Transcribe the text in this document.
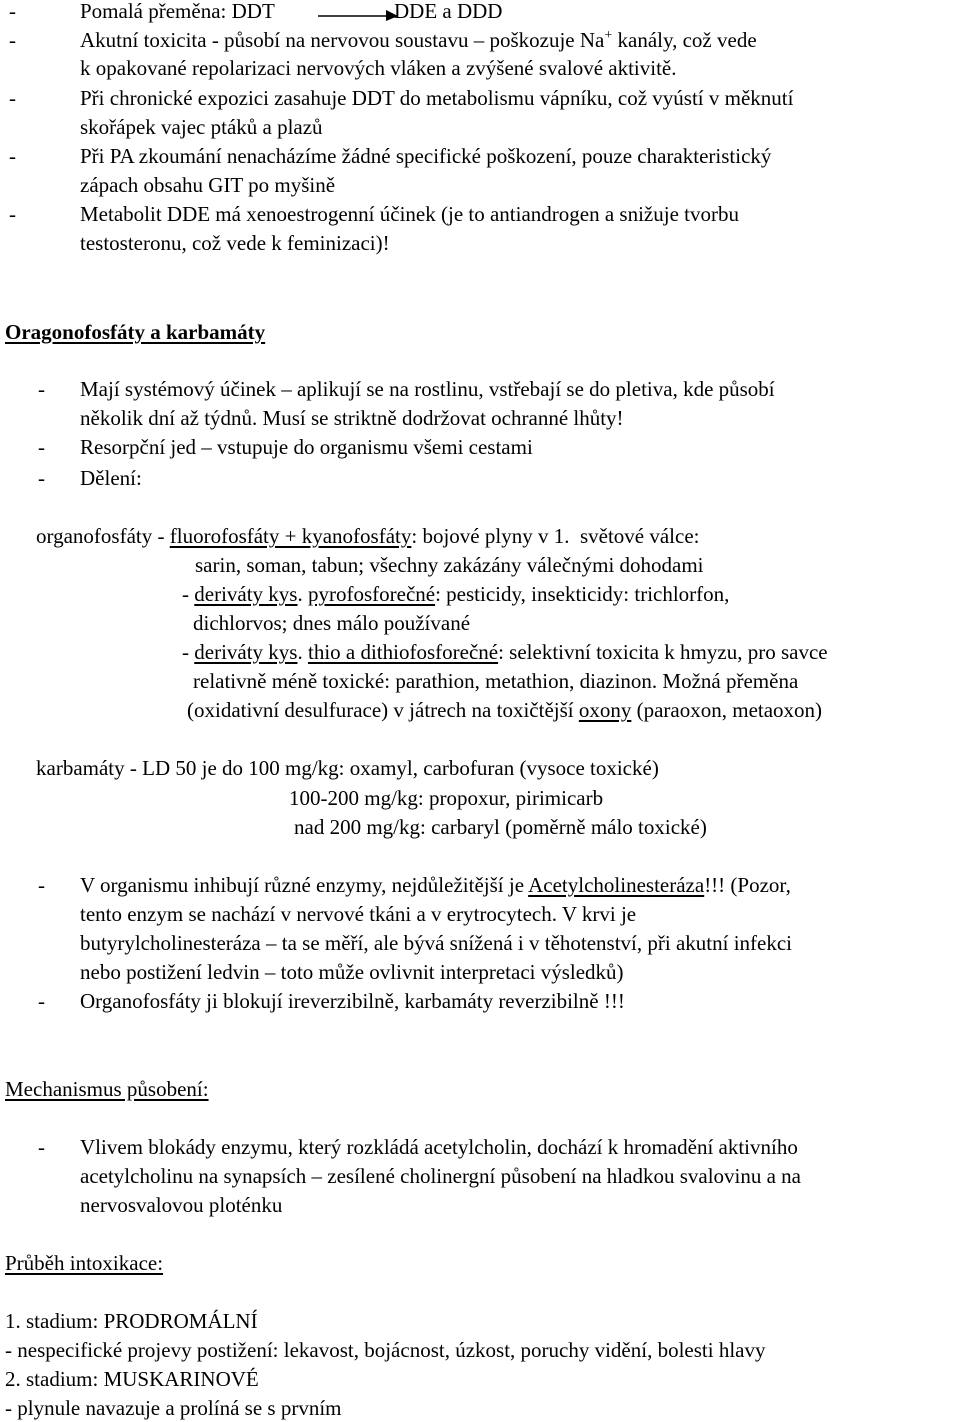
-	Pomalá přeměna: DDT	DDE a DDD
-	Akutní toxicita - působí na nervovou soustavu – poškozuje Na+ kanály, což vede
k opakované repolarizaci nervových vláken a zvýšené svalové aktivitě.
-	Při chronické expozici zasahuje DDT do metabolismu vápníku, což vyústí v měknutí
skořápek vajec ptáků a plazů
-	Při PA zkoumání nenacházíme žádné specifické poškození, pouze charakteristický
zápach obsahu GIT po myšině
-	Metabolit DDE má xenoestrogenní účinek (je to antiandrogen a snižuje tvorbu
testosteronu, což vede k feminizaci)!
Oragonofosfáty a karbamáty
- Mají systémový účinek – aplikují se na rostlinu, vstřebají se do pletiva, kde působí
několik dní až týdnů. Musí se striktně dodržovat ochranné lhůty!
- Resorpční jed – vstupuje do organismu všemi cestami
- Dělení:
organofosfáty - fluorofosfáty + kyanofosfáty: bojové plyny v 1.  světové válce:
sarin, soman, tabun; všechny zakázány válečnými dohodami
- deriváty kys. pyrofosforečné: pesticidy, insekticidy: trichlorfon,
dichlorvos; dnes málo používané
- deriváty kys. thio a dithiofosforečné: selektivní toxicita k hmyzu, pro savce
relativně méně toxické: parathion, metathion, diazinon. Možná přeměna
(oxidativní desulfurace) v játrech na toxičtější oxony (paraoxon, metaoxon)
karbamáty - LD 50 je do 100 mg/kg: oxamyl, carbofuran (vysoce toxické)
100-200 mg/kg: propoxur, pirimicarb
nad 200 mg/kg: carbaryl (poměrně málo toxické)
- V organismu inhibují různé enzymy, nejdůležitější je Acetylcholinesteráza!!! (Pozor,
tento enzym se nachází v nervové tkáni a v erytrocytech. V krvi je
butyrylcholinesteráza – ta se měří, ale bývá snížená i v těhotenství, při akutní infekci
nebo postižení ledvin – toto může ovlivnit interpretaci výsledků)
- Organofosfáty ji blokují ireverzibilně, karbamáty reverzibilně !!!
Mechanismus působení:
- Vlivem blokády enzymu, který rozkládá acetylcholin, dochází k hromadění aktivního
acetylcholinu na synapsích – zesílené cholinergní působení na hladkou svalovinu a na
nervosvalovou ploténku
Průběh intoxikace:
1. stadium: PRODROMÁLNÍ
- nespecifické projevy postižení: lekavost, bojácnost, úzkost, poruchy vidění, bolesti hlavy
2. stadium: MUSKARINOVÉ
- plynule navazuje a prolíná se s prvním
